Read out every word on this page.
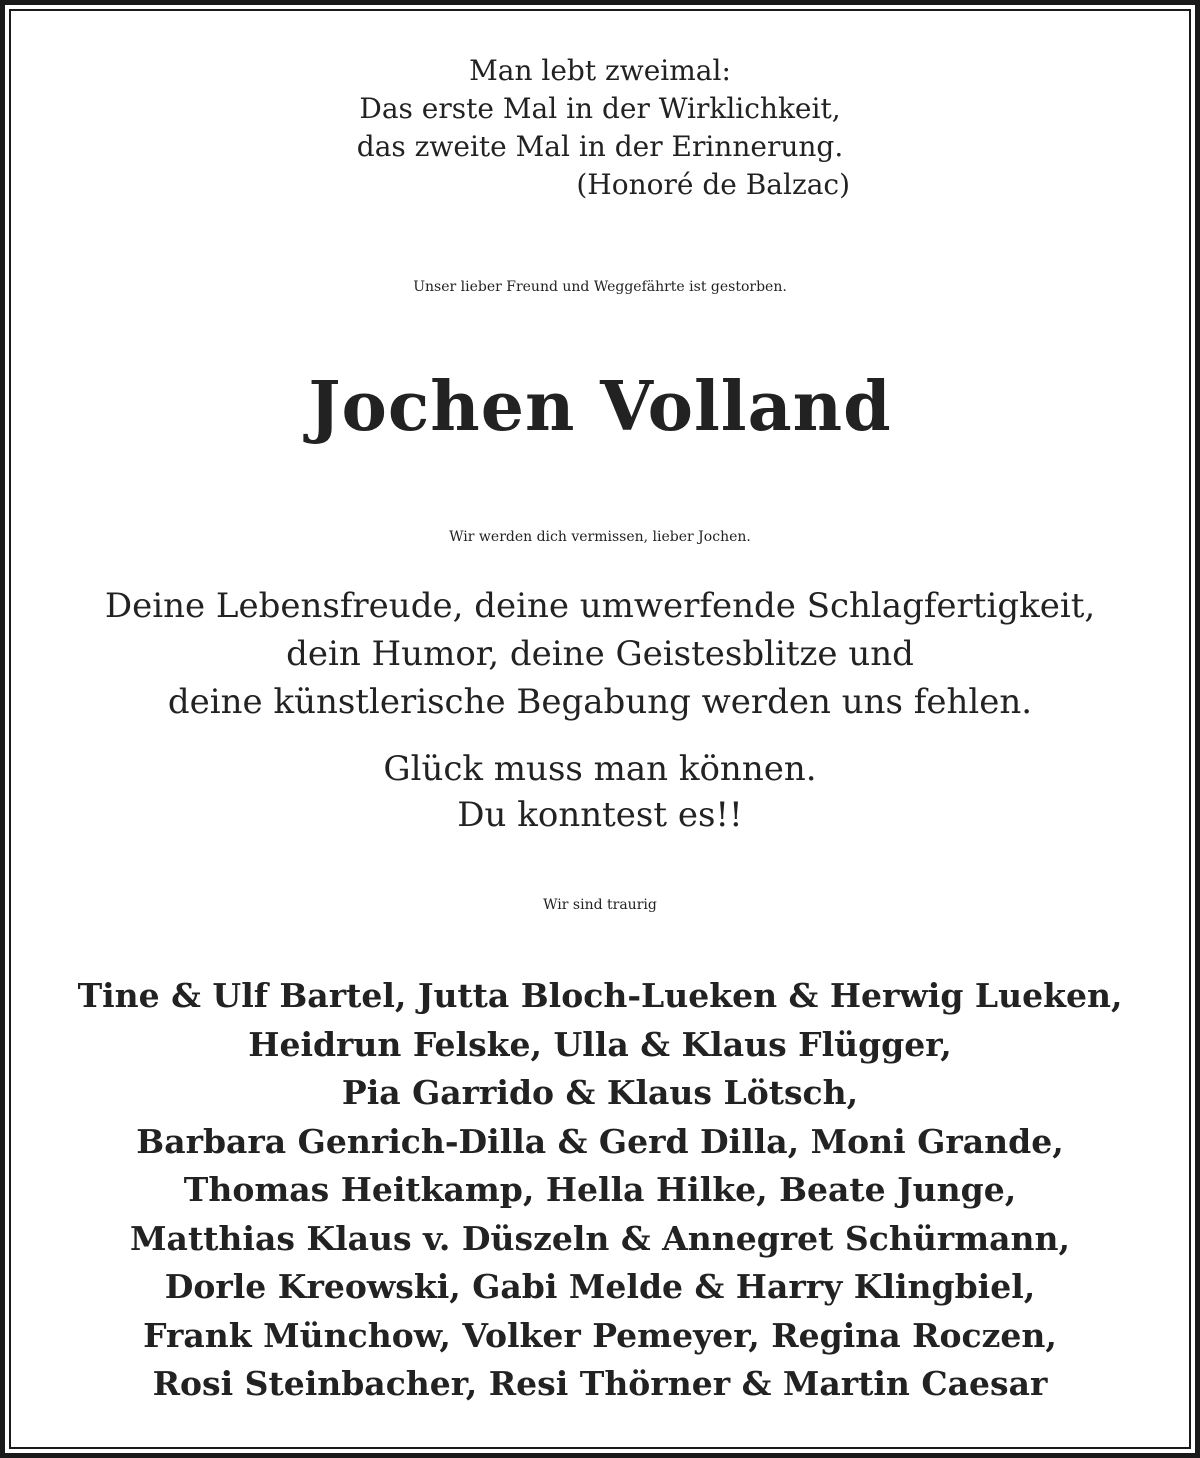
Man lebt zweimal:
Das erste Mal in der Wirklichkeit,
das zweite Mal in der Erinnerung.
(Honoré de Balzac)
Unser lieber Freund und Weggefährte ist gestorben.
Jochen Volland
Wir werden dich vermissen, lieber Jochen.
Deine Lebensfreude, deine umwerfende Schlagfertigkeit,
dein Humor, deine Geistesblitze und
deine künstlerische Begabung werden uns fehlen.
Glück muss man können.
Du konntest es!!
Wir sind traurig
Tine & Ulf Bartel, Jutta Bloch-Lueken & Herwig Lueken,
Heidrun Felske, Ulla & Klaus Flügger,
Pia Garrido & Klaus Lötsch,
Barbara Genrich-Dilla & Gerd Dilla, Moni Grande,
Thomas Heitkamp, Hella Hilke, Beate Junge,
Matthias Klaus v. Düszeln & Annegret Schürmann,
Dorle Kreowski, Gabi Melde & Harry Klingbiel,
Frank Münchow, Volker Pemeyer, Regina Roczen,
Rosi Steinbacher, Resi Thörner & Martin Caesar
